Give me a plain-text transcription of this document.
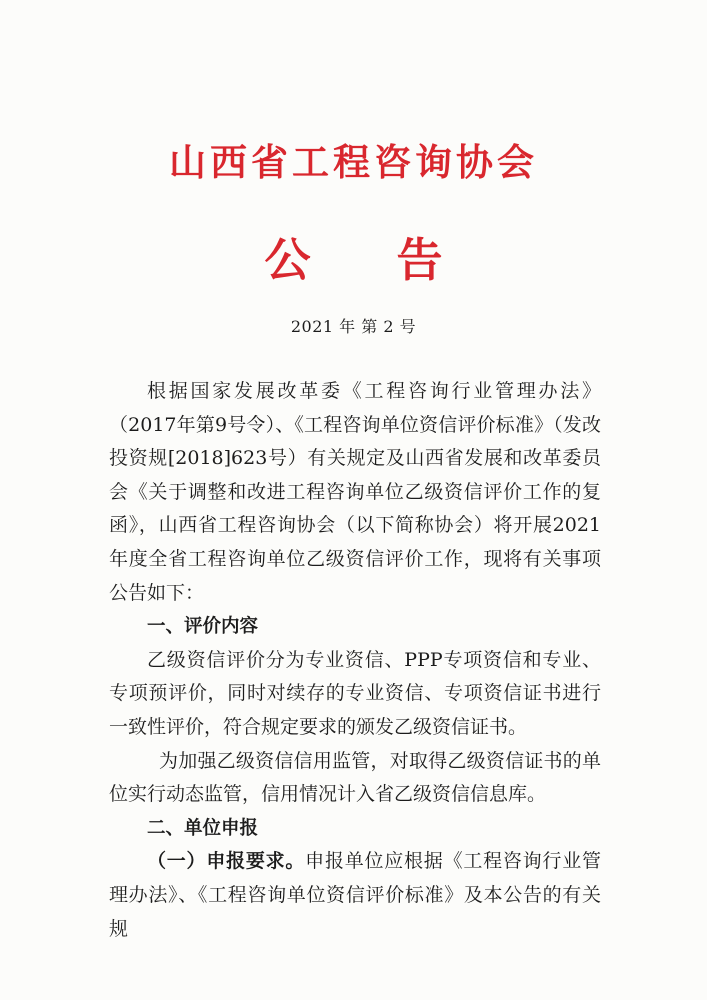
山西省工程咨询协会
公告
2021 年 第 2 号

根据国家发展改革委《工程咨询行业管理办法》（2017年第9号令）、《工程咨询单位资信评价标准》（发改投资规[2018]623号）有关规定及山西省发展和改革委员会《关于调整和改进工程咨询单位乙级资信评价工作的复函》，山西省工程咨询协会（以下简称协会）将开展2021年度全省工程咨询单位乙级资信评价工作，现将有关事项公告如下：

一、评价内容

乙级资信评价分为专业资信、PPP专项资信和专业、专项预评价，同时对续存的专业资信、专项资信证书进行一致性评价，符合规定要求的颁发乙级资信证书。

为加强乙级资信信用监管，对取得乙级资信证书的单位实行动态监管，信用情况计入省乙级资信信息库。

二、单位申报

（一）申报要求。申报单位应根据《工程咨询行业管理办法》、《工程咨询单位资信评价标准》及本公告的有关规
